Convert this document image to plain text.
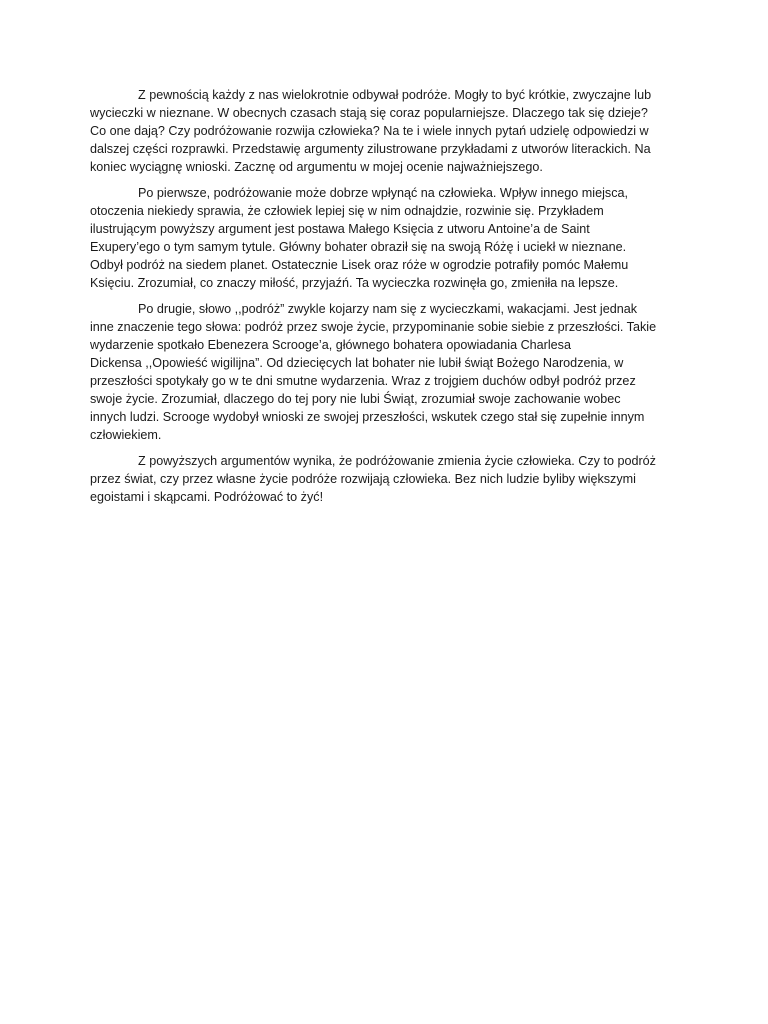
Z pewnością każdy z nas wielokrotnie odbywał podróże. Mogły to być krótkie, zwyczajne lub
wycieczki w nieznane. W obecnych czasach stają się coraz popularniejsze. Dlaczego tak się dzieje?
Co one dają? Czy podróżowanie rozwija człowieka? Na te i wiele innych pytań udzielę odpowiedzi w
dalszej części rozprawki. Przedstawię argumenty zilustrowane przykładami z utworów literackich. Na
koniec wyciągnę wnioski. Zacznę od argumentu w mojej ocenie najważniejszego.

Po pierwsze, podróżowanie może dobrze wpłynąć na człowieka. Wpływ innego miejsca,
otoczenia niekiedy sprawia, że człowiek lepiej się w nim odnajdzie, rozwinie się. Przykładem
ilustrującym powyższy argument jest postawa Małego Księcia z utworu Antoine’a de Saint
Exupery’ego o tym samym tytule. Główny bohater obraził się na swoją Różę i uciekł w nieznane.
Odbył podróż na siedem planet. Ostatecznie Lisek oraz róże w ogrodzie potrafiły pomóc Małemu
Księciu. Zrozumiał, co znaczy miłość, przyjaźń. Ta wycieczka rozwinęła go, zmieniła na lepsze.

Po drugie, słowo ,,podróż” zwykle kojarzy nam się z wycieczkami, wakacjami. Jest jednak
inne znaczenie tego słowa: podróż przez swoje życie, przypominanie sobie siebie z przeszłości. Takie
wydarzenie spotkało Ebenezera Scrooge’a, głównego bohatera opowiadania Charlesa
Dickensa ,,Opowieść wigilijna”. Od dziecięcych lat bohater nie lubił świąt Bożego Narodzenia, w
przeszłości spotykały go w te dni smutne wydarzenia. Wraz z trojgiem duchów odbył podróż przez
swoje życie. Zrozumiał, dlaczego do tej pory nie lubi Świąt, zrozumiał swoje zachowanie wobec
innych ludzi. Scrooge wydobył wnioski ze swojej przeszłości, wskutek czego stał się zupełnie innym
człowiekiem.

Z powyższych argumentów wynika, że podróżowanie zmienia życie człowieka. Czy to podróż
przez świat, czy przez własne życie podróże rozwijają człowieka. Bez nich ludzie byliby większymi
egoistami i skąpcami. Podróżować to żyć!
